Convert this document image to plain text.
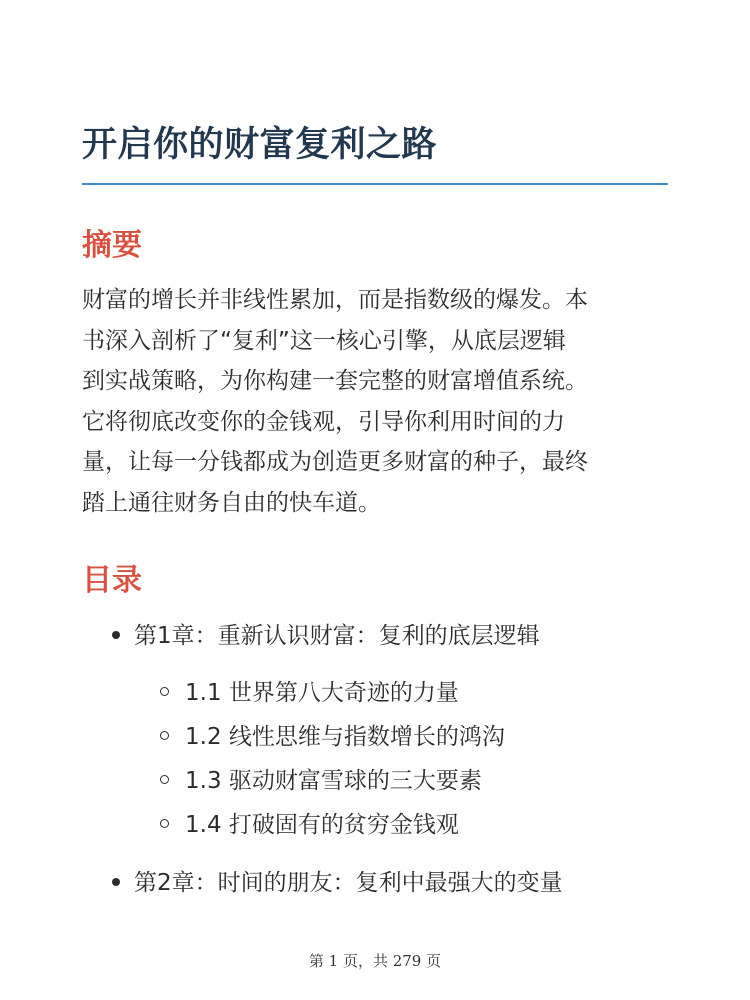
开启你的财富复利之路
摘要

财富的增长并非线性累加，而是指数级的爆发。本
书深入剖析了“复利”这一核心引擎，从底层逻辑
到实战策略，为你构建一套完整的财富增值系统。
它将彻底改变你的金钱观，引导你利用时间的力
量，让每一分钱都成为创造更多财富的种子，最终
踏上通往财务自由的快车道。

目录
第1章：重新认识财富：复利的底层逻辑
1.1 世界第八大奇迹的力量
1.2 线性思维与指数增长的鸿沟
1.3 驱动财富雪球的三大要素
1.4 打破固有的贫穷金钱观
第2章：时间的朋友：复利中最强大的变量
第 1 页，共 279 页
